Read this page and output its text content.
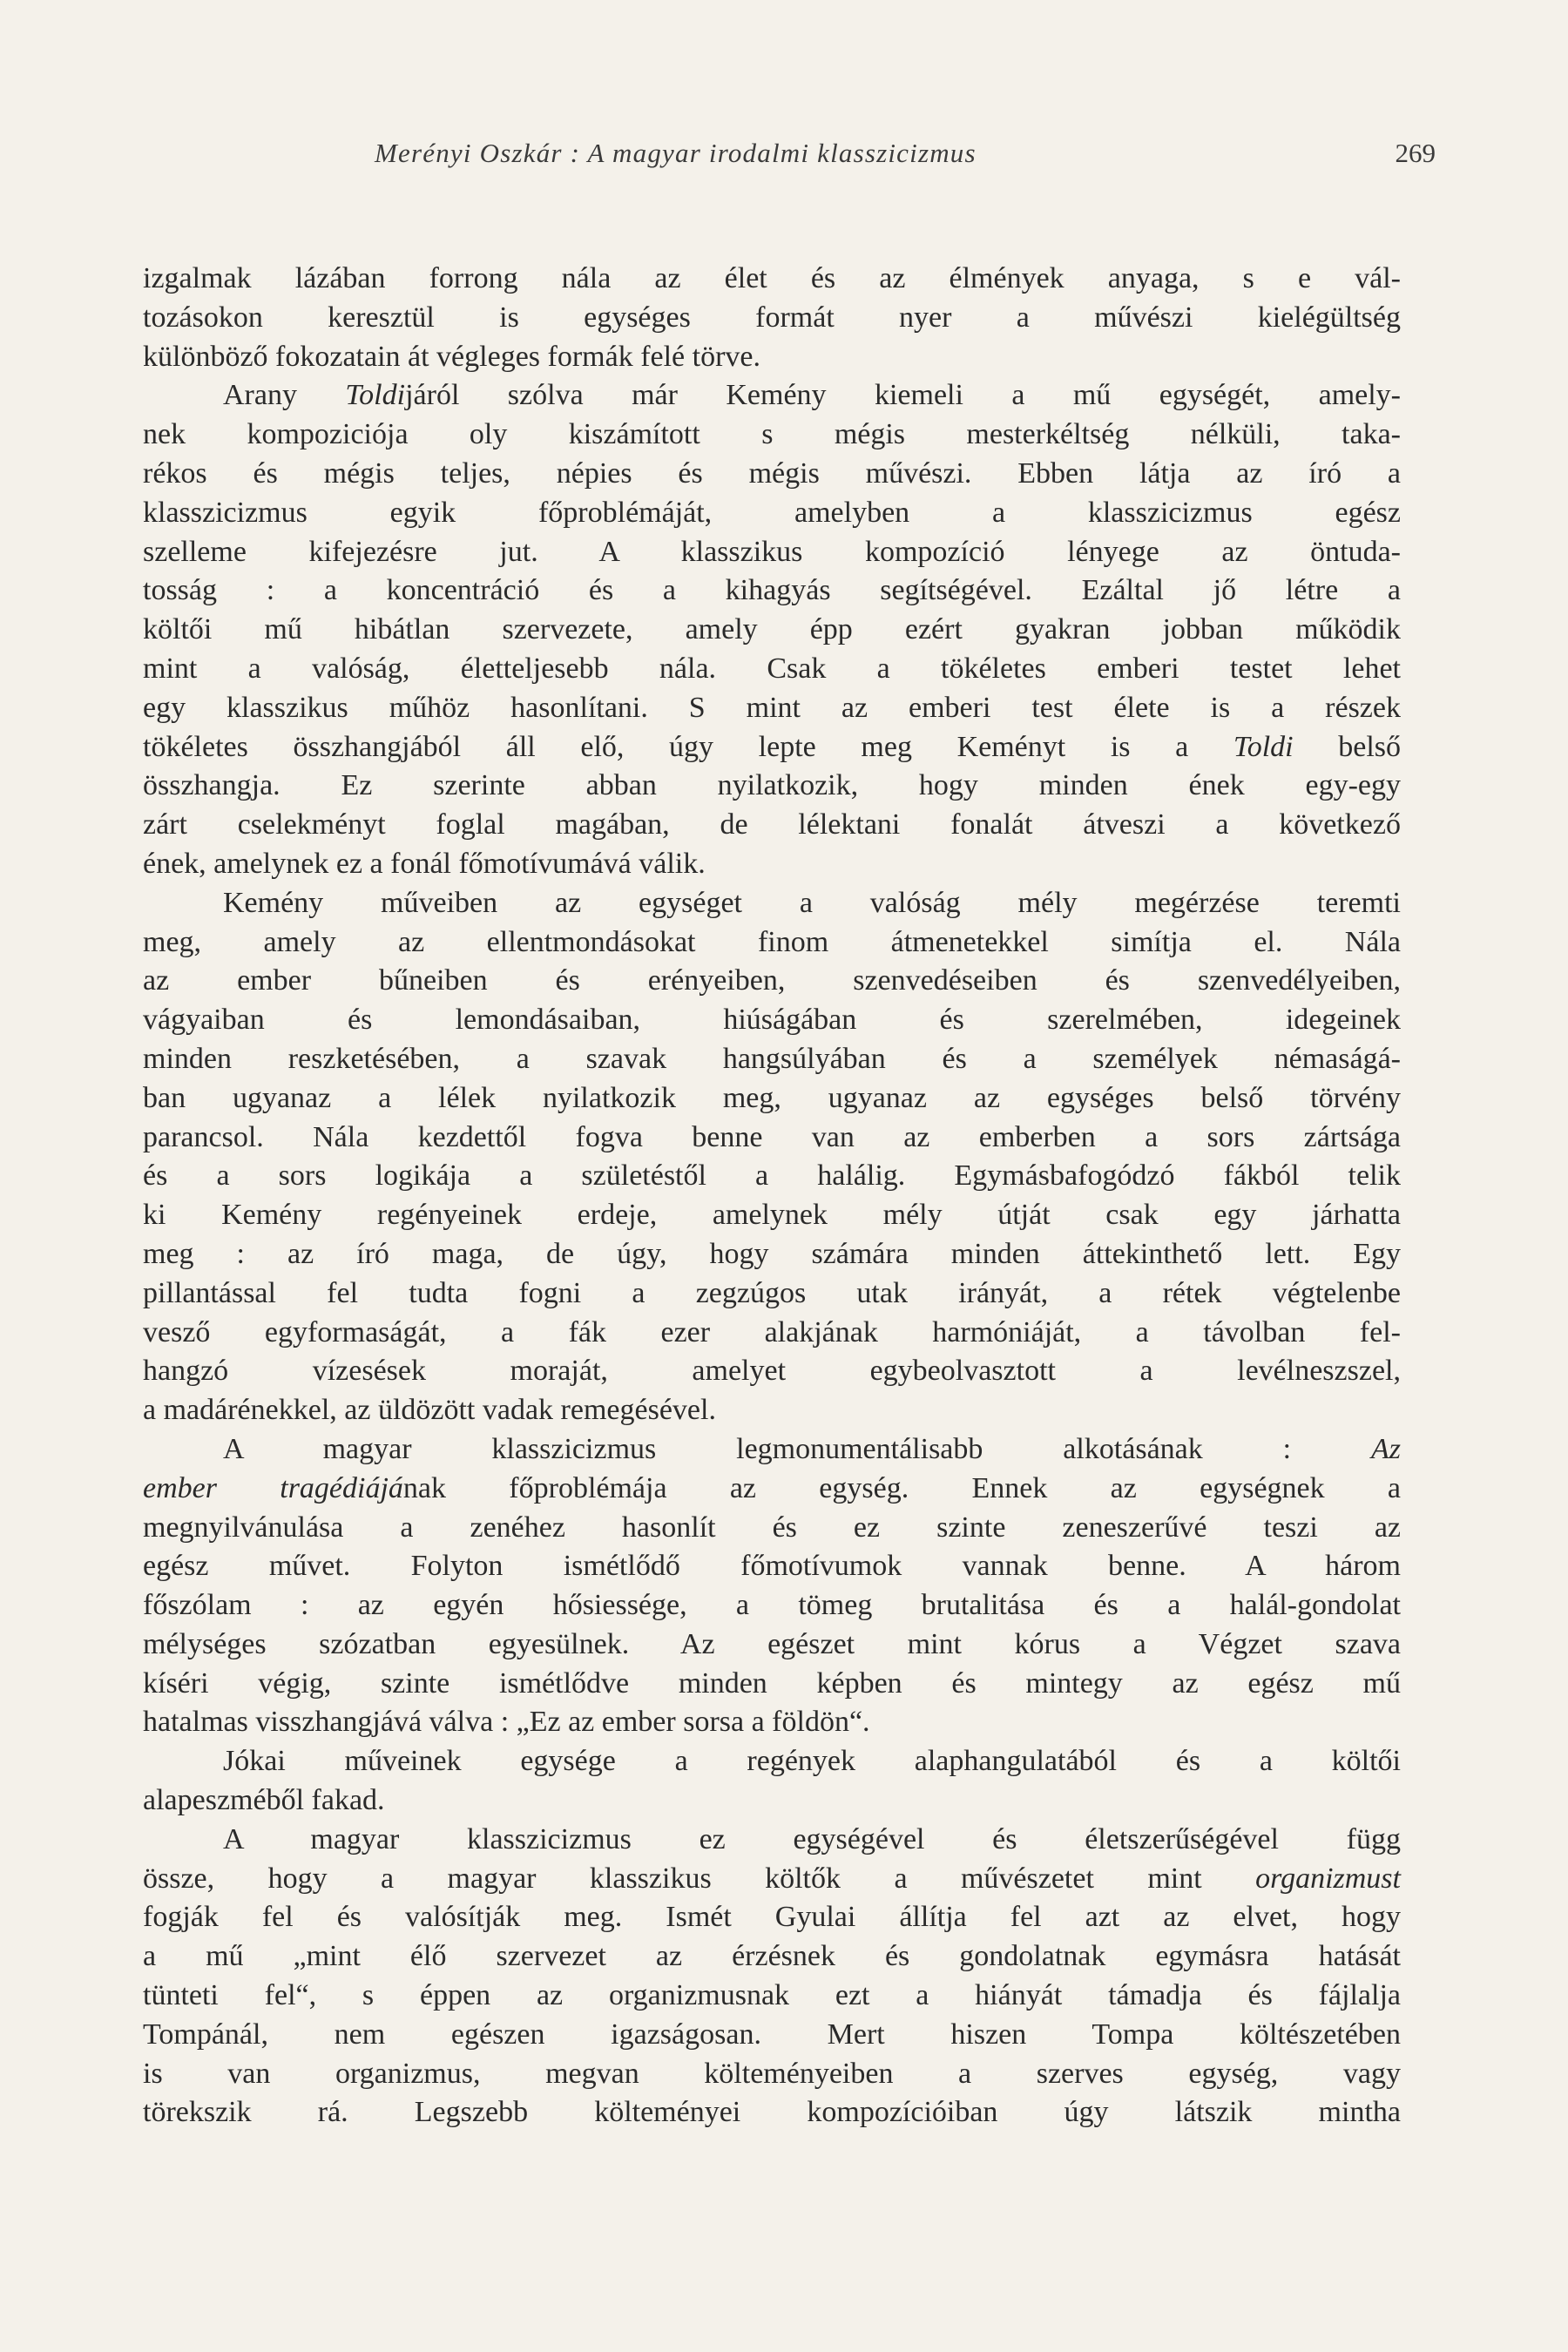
Merényi Oszkár : A magyar irodalmi klasszicizmus	269

izgalmak lázában forrong nála az élet és az élmények anyaga, s e vál-
tozásokon keresztül is egységes formát nyer a művészi kielégültség
különböző fokozatain át végleges formák felé törve.

Arany Toldijáról szólva már Kemény kiemeli a mű egységét, amely-
nek kompoziciója oly kiszámított s mégis mesterkéltség nélküli, taka-
rékos és mégis teljes, népies és mégis művészi. Ebben látja az író a
klasszicizmus egyik főproblémáját, amelyben a klasszicizmus egész
szelleme kifejezésre jut. A klasszikus kompozíció lényege az öntuda-
tosság : a koncentráció és a kihagyás segítségével. Ezáltal jő létre a
költői mű hibátlan szervezete, amely épp ezért gyakran jobban működik
mint a valóság, életteljesebb nála. Csak a tökéletes emberi testet lehet
egy klasszikus műhöz hasonlítani. S mint az emberi test élete is a részek
tökéletes összhangjából áll elő, úgy lepte meg Keményt is a Toldi belső
összhangja. Ez szerinte abban nyilatkozik, hogy minden ének egy-egy
zárt cselekményt foglal magában, de lélektani fonalát átveszi a következő
ének, amelynek ez a fonál főmotívumává válik.

Kemény műveiben az egységet a valóság mély megérzése teremti
meg, amely az ellentmondásokat finom átmenetekkel simítja el. Nála
az ember bűneiben és erényeiben, szenvedéseiben és szenvedélyeiben,
vágyaiban és lemondásaiban, hiúságában és szerelmében, idegeinek
minden reszketésében, a szavak hangsúlyában és a személyek némaságá-
ban ugyanaz a lélek nyilatkozik meg, ugyanaz az egységes belső törvény
parancsol. Nála kezdettől fogva benne van az emberben a sors zártsága
és a sors logikája a születéstől a halálig. Egymásbafogódzó fákból telik
ki Kemény regényeinek erdeje, amelynek mély útját csak egy járhatta
meg : az író maga, de úgy, hogy számára minden áttekinthető lett. Egy
pillantással fel tudta fogni a zegzúgos utak irányát, a rétek végtelenbe
vesző egyformaságát, a fák ezer alakjának harmóniáját, a távolban fel-
hangzó vízesések moraját, amelyet egybeolvasztott a levélneszszel,
a madárénekkel, az üldözött vadak remegésével.

A magyar klasszicizmus legmonumentálisabb alkotásának : Az
ember tragédiájának főproblémája az egység. Ennek az egységnek a
megnyilvánulása a zenéhez hasonlít és ez szinte zeneszerűvé teszi az
egész művet. Folyton ismétlődő főmotívumok vannak benne. A három
főszólam : az egyén hősiessége, a tömeg brutalitása és a halál-gondolat
mélységes szózatban egyesülnek. Az egészet mint kórus a Végzet szava
kíséri végig, szinte ismétlődve minden képben és mintegy az egész mű
hatalmas visszhangjává válva : „Ez az ember sorsa a földön“.

Jókai műveinek egysége a regények alaphangulatából és a költői
alapeszméből fakad.

A magyar klasszicizmus ez egységével és életszerűségével függ
össze, hogy a magyar klasszikus költők a művészetet mint organizmust
fogják fel és valósítják meg. Ismét Gyulai állítja fel azt az elvet, hogy
a mű „mint élő szervezet az érzésnek és gondolatnak egymásra hatását
tünteti fel“, s éppen az organizmusnak ezt a hiányát támadja és fájlalja
Tompánál, nem egészen igazságosan. Mert hiszen Tompa költészetében
is van organizmus, megvan költeményeiben a szerves egység, vagy
törekszik rá. Legszebb költeményei kompozícióiban úgy látszik mintha
